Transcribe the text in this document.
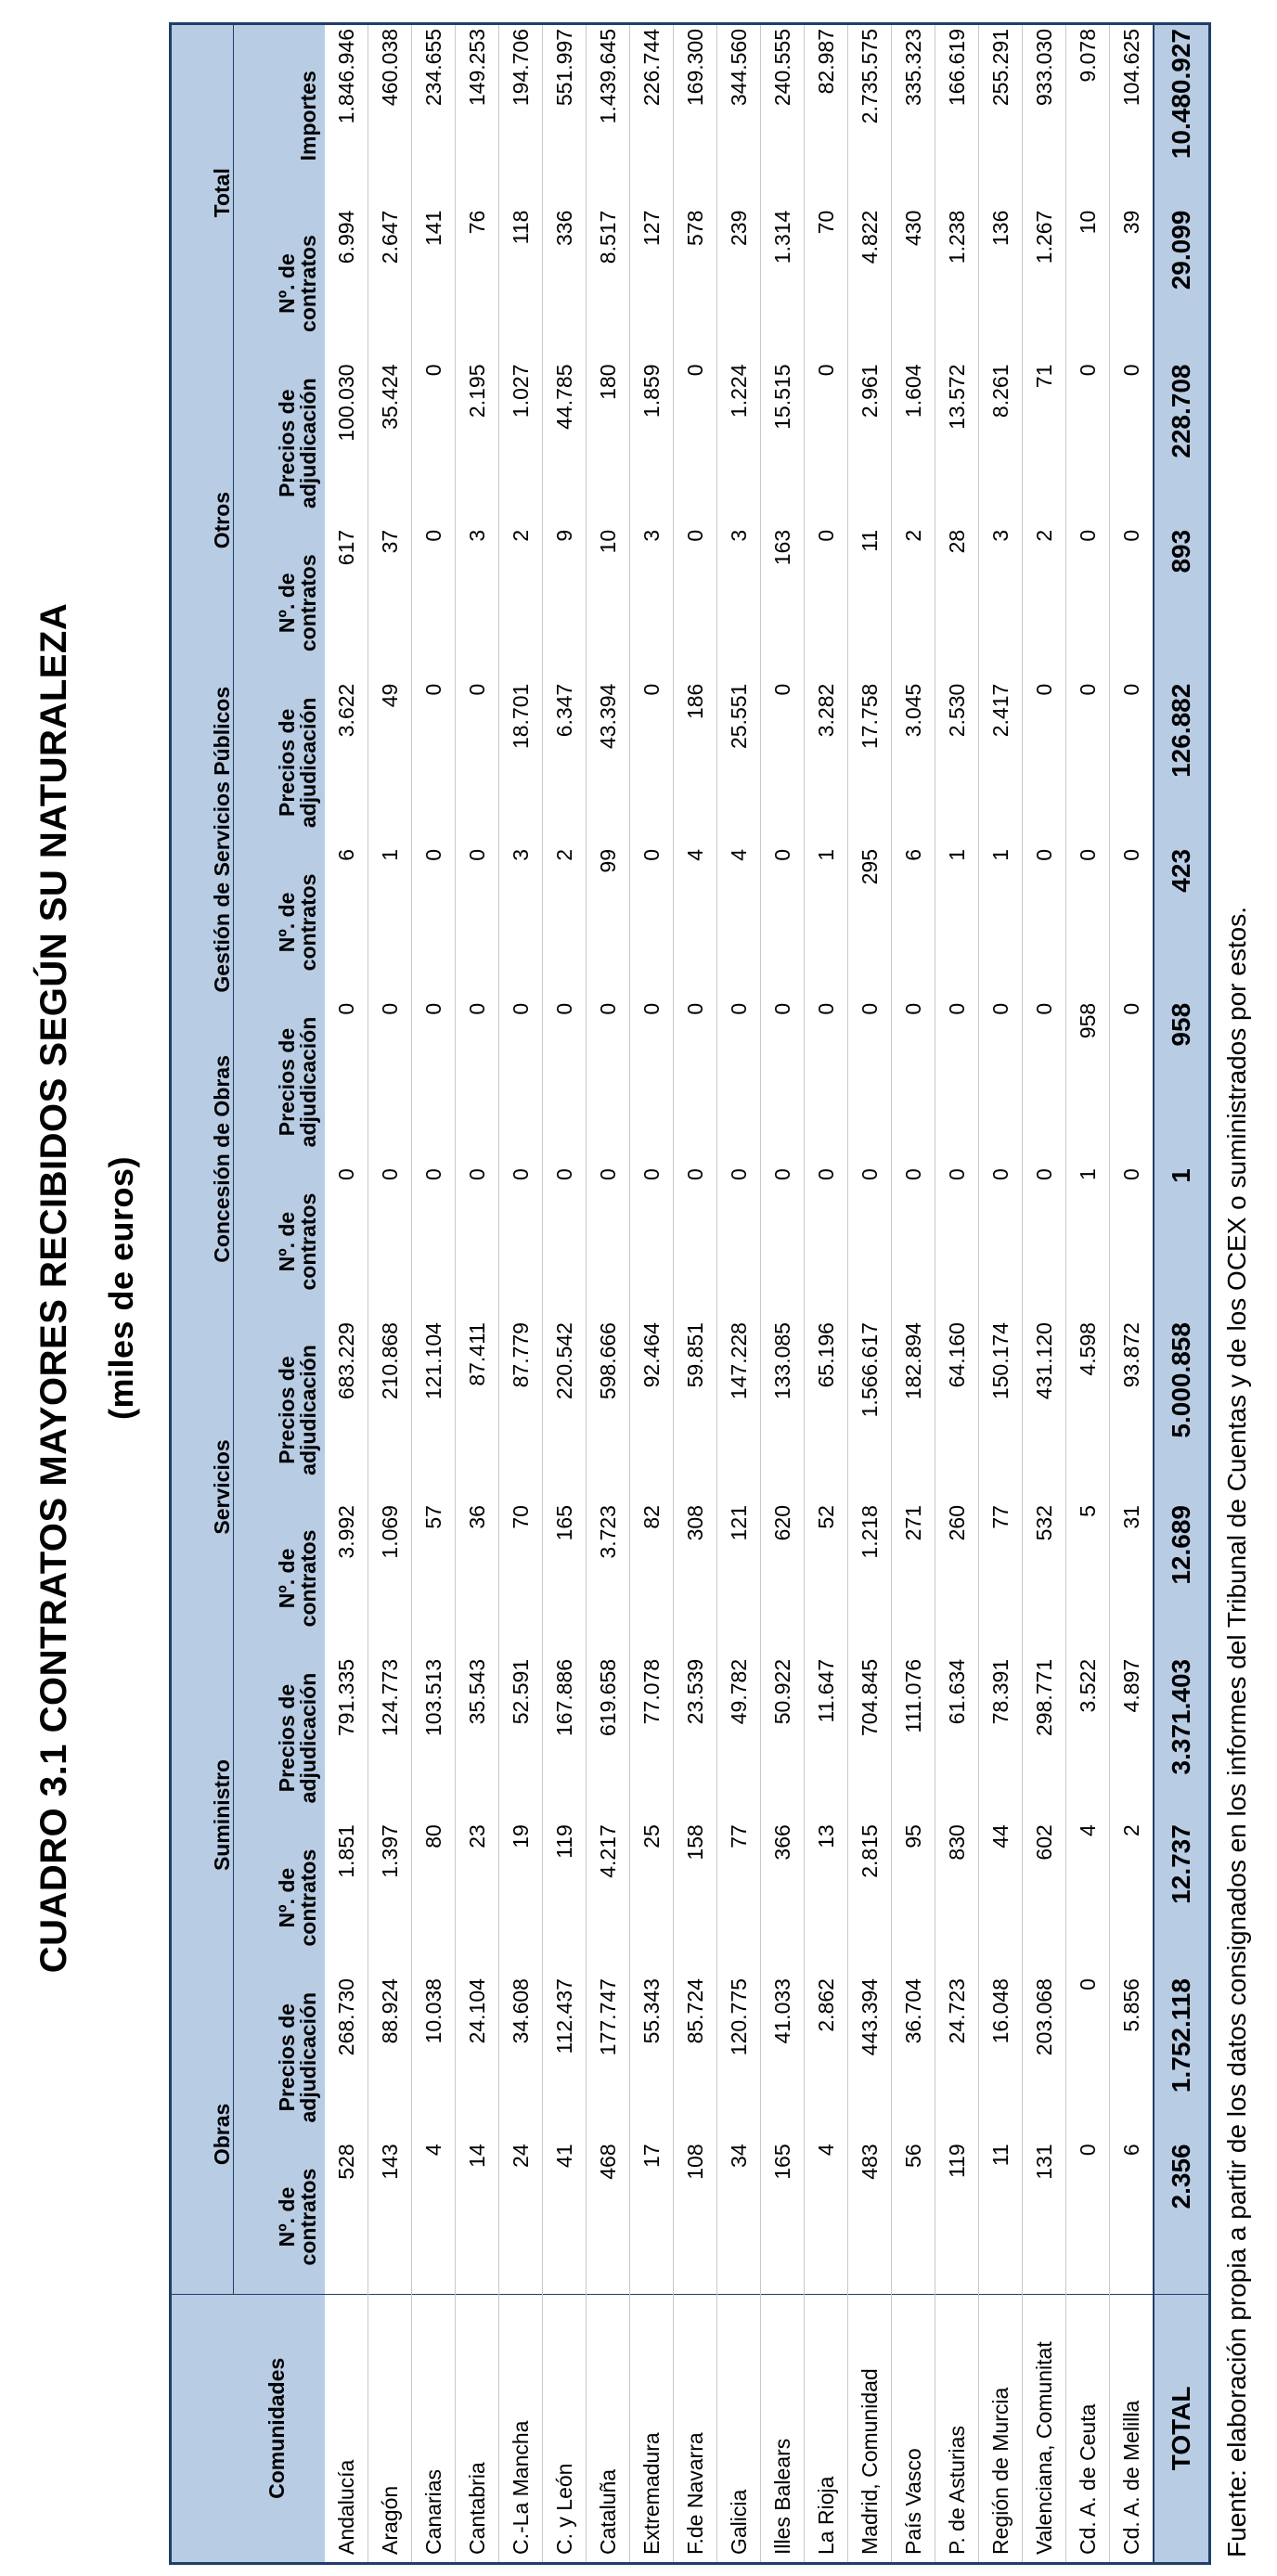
CUADRO 3.1 CONTRATOS MAYORES RECIBIDOS SEGÚN SU NATURALEZA (miles de euros)
Comunidades	Obras		Suministro		Servicios		Concesión de Obras		Gestión de Servicios Públicos		Otros		Total	
	Nº. de contratos	Precios de adjudicación	Nº. de contratos	Precios de adjudicación	Nº. de contratos	Precios de adjudicación	Nº. de contratos	Precios de adjudicación	Nº. de contratos	Precios de adjudicación	Nº. de contratos	Precios de adjudicación	Nº. de contratos	Importes
Andalucía	528	268.730	1.851	791.335	3.992	683.229	0	0	6	3.622	617	100.030	6.994	1.846.946
Aragón	143	88.924	1.397	124.773	1.069	210.868	0	0	1	49	37	35.424	2.647	460.038
Canarias	4	10.038	80	103.513	57	121.104	0	0	0	0	0	0	141	234.655
Cantabria	14	24.104	23	35.543	36	87.411	0	0	0	0	3	2.195	76	149.253
C.-La Mancha	24	34.608	19	52.591	70	87.779	0	0	3	18.701	2	1.027	118	194.706
C. y León	41	112.437	119	167.886	165	220.542	0	0	2	6.347	9	44.785	336	551.997
Cataluña	468	177.747	4.217	619.658	3.723	598.666	0	0	99	43.394	10	180	8.517	1.439.645
Extremadura	17	55.343	25	77.078	82	92.464	0	0	0	0	3	1.859	127	226.744
F.de Navarra	108	85.724	158	23.539	308	59.851	0	0	4	186	0	0	578	169.300
Galicia	34	120.775	77	49.782	121	147.228	0	0	4	25.551	3	1.224	239	344.560
Illes Balears	165	41.033	366	50.922	620	133.085	0	0	0	0	163	15.515	1.314	240.555
La Rioja	4	2.862	13	11.647	52	65.196	0	0	1	3.282	0	0	70	82.987
Madrid, Comunidad	483	443.394	2.815	704.845	1.218	1.566.617	0	0	295	17.758	11	2.961	4.822	2.735.575
País Vasco	56	36.704	95	111.076	271	182.894	0	0	6	3.045	2	1.604	430	335.323
P. de Asturias	119	24.723	830	61.634	260	64.160	0	0	1	2.530	28	13.572	1.238	166.619
Región de Murcia	11	16.048	44	78.391	77	150.174	0	0	1	2.417	3	8.261	136	255.291
Valenciana, Comunitat	131	203.068	602	298.771	532	431.120	0	0	0	0	2	71	1.267	933.030
Cd. A. de Ceuta	0	0	4	3.522	5	4.598	1	958	0	0	0	0	10	9.078
Cd. A. de Melilla	6	5.856	2	4.897	31	93.872	0	0	0	0	0	0	39	104.625
TOTAL	2.356	1.752.118	12.737	3.371.403	12.689	5.000.858	1	958	423	126.882	893	228.708	29.099	10.480.927
Fuente: elaboración propia a partir de los datos consignados en los informes del Tribunal de Cuentas y de los OCEX o suministrados por estos.
